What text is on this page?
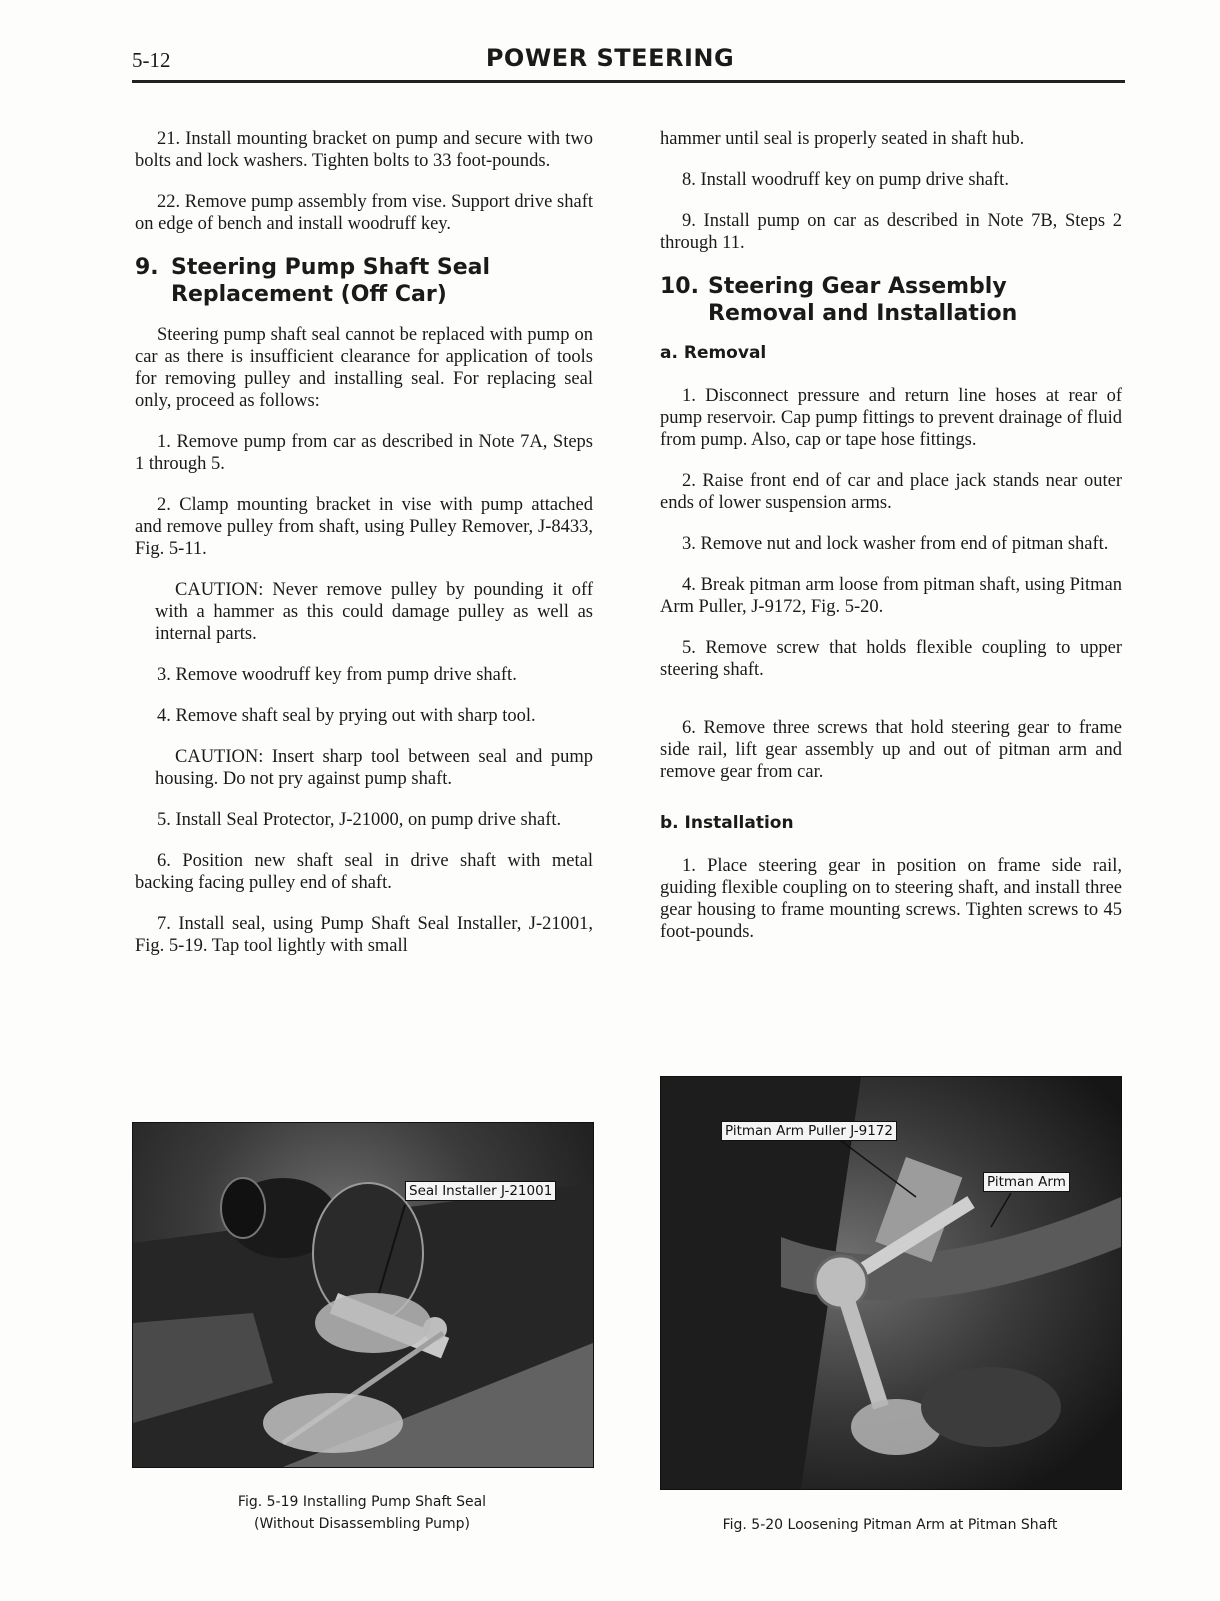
5-12	POWER STEERING

21. Install mounting bracket on pump and secure with two bolts and lock washers. Tighten bolts to 33 foot-pounds.

22. Remove pump assembly from vise. Support drive shaft on edge of bench and install woodruff key.

9. Steering Pump Shaft Seal
Replacement (Off Car)

Steering pump shaft seal cannot be replaced with pump on car as there is insufficient clearance for application of tools for removing pulley and installing seal. For replacing seal only, proceed as follows:

1. Remove pump from car as described in Note 7A, Steps 1 through 5.

2. Clamp mounting bracket in vise with pump attached and remove pulley from shaft, using Pulley Remover, J-8433, Fig. 5-11.

CAUTION: Never remove pulley by pounding it off with a hammer as this could damage pulley as well as internal parts.

3. Remove woodruff key from pump drive shaft.

4. Remove shaft seal by prying out with sharp tool.

CAUTION: Insert sharp tool between seal and pump housing. Do not pry against pump shaft.

5. Install Seal Protector, J-21000, on pump drive shaft.

6. Position new shaft seal in drive shaft with metal backing facing pulley end of shaft.

7. Install seal, using Pump Shaft Seal Installer, J-21001, Fig. 5-19. Tap tool lightly with small

hammer until seal is properly seated in shaft hub.

8. Install woodruff key on pump drive shaft.

9. Install pump on car as described in Note 7B, Steps 2 through 11.

10. Steering Gear Assembly
Removal and Installation
a. Removal

1. Disconnect pressure and return line hoses at rear of pump reservoir. Cap pump fittings to prevent drainage of fluid from pump. Also, cap or tape hose fittings.

2. Raise front end of car and place jack stands near outer ends of lower suspension arms.

3. Remove nut and lock washer from end of pitman shaft.

4. Break pitman arm loose from pitman shaft, using Pitman Arm Puller, J-9172, Fig. 5-20.

5. Remove screw that holds flexible coupling to upper steering shaft.

6. Remove three screws that hold steering gear to frame side rail, lift gear assembly up and out of pitman arm and remove gear from car.

b. Installation

1. Place steering gear in position on frame side rail, guiding flexible coupling on to steering shaft, and install three gear housing to frame mounting screws. Tighten screws to 45 foot-pounds.

Seal Installer J-21001
Fig. 5-19 Installing Pump Shaft Seal
(Without Disassembling Pump)
Pitman Arm Puller J-9172
Pitman Arm
Fig. 5-20 Loosening Pitman Arm at Pitman Shaft
